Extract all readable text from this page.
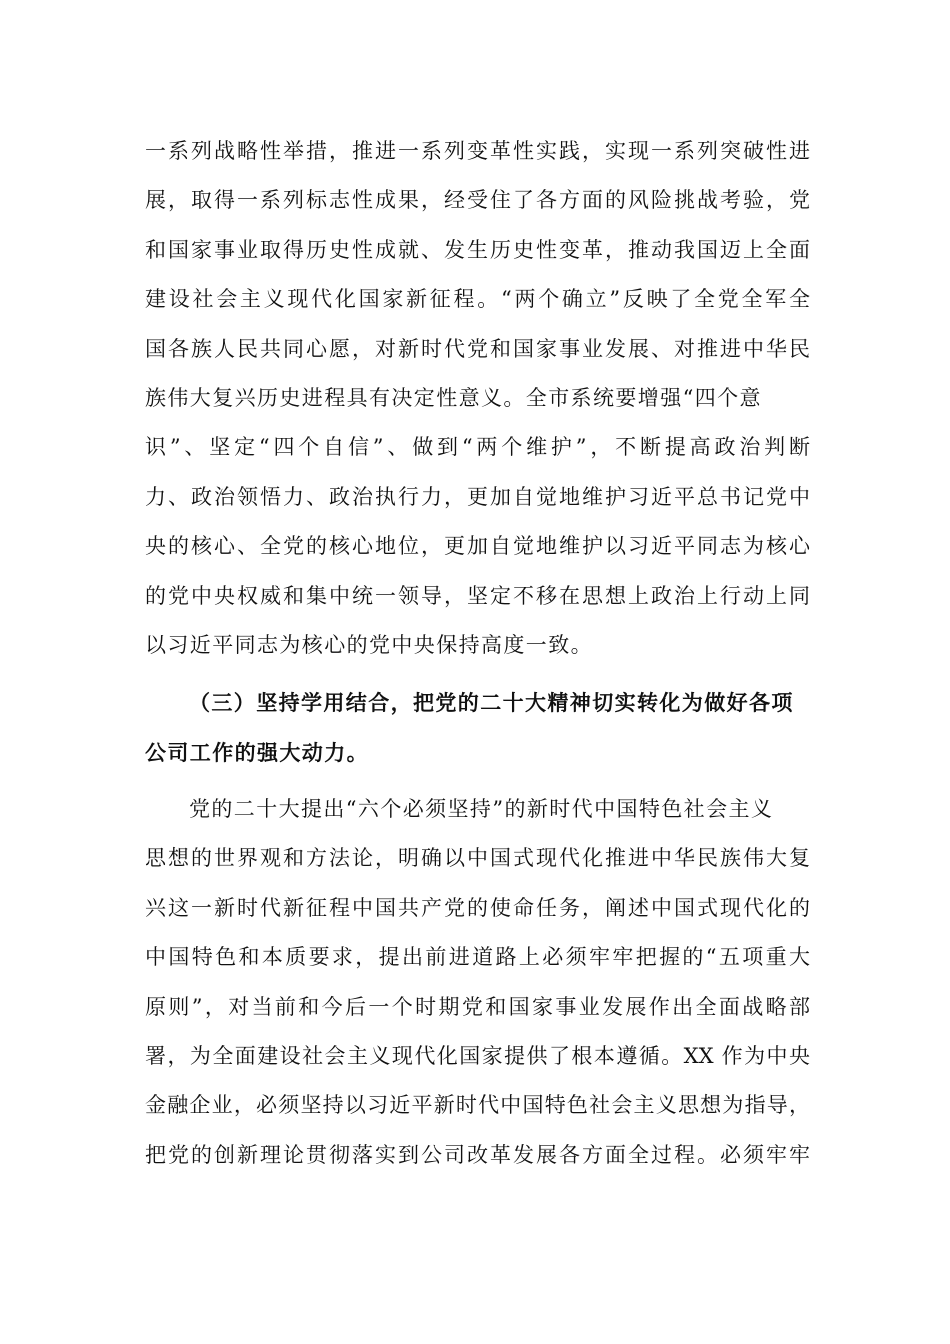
一系列战略性举措，推进一系列变革性实践，实现一系列突破性进
展，取得一系列标志性成果，经受住了各方面的风险挑战考验，党
和国家事业取得历史性成就、发生历史性变革，推动我国迈上全面
建设社会主义现代化国家新征程。“两个确立”反映了全党全军全
国各族人民共同心愿，对新时代党和国家事业发展、对推进中华民
族伟大复兴历史进程具有决定性意义。全市系统要增强“四个意
识”、坚定“四个自信”、做到“两个维护”，不断提高政治判断
力、政治领悟力、政治执行力，更加自觉地维护习近平总书记党中
央的核心、全党的核心地位，更加自觉地维护以习近平同志为核心
的党中央权威和集中统一领导，坚定不移在思想上政治上行动上同
以习近平同志为核心的党中央保持高度一致。
（三）坚持学用结合，把党的二十大精神切实转化为做好各项
公司工作的强大动力。
党的二十大提出“六个必须坚持”的新时代中国特色社会主义
思想的世界观和方法论，明确以中国式现代化推进中华民族伟大复
兴这一新时代新征程中国共产党的使命任务，阐述中国式现代化的
中国特色和本质要求，提出前进道路上必须牢牢把握的“五项重大
原则”，对当前和今后一个时期党和国家事业发展作出全面战略部
署，为全面建设社会主义现代化国家提供了根本遵循。XX 作为中央
金融企业，必须坚持以习近平新时代中国特色社会主义思想为指导，
把党的创新理论贯彻落实到公司改革发展各方面全过程。必须牢牢
